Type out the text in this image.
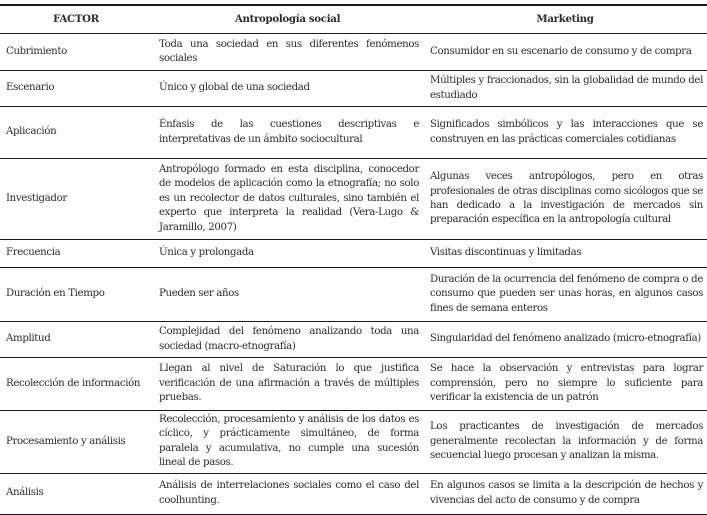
FACTOR	Antropología social	Marketing
Cubrimiento	Toda una sociedad en sus diferentes fenómenos sociales	Consumidor en su escenario de consumo y de compra
Escenario	Único y global de una sociedad	Múltiples y fraccionados, sin la globalidad de mundo del estudiado
Aplicación	Énfasis de las cuestiones descriptivas e interpretativas de un ámbito sociocultural	Significados simbólicos y las interacciones que se construyen en las prácticas comerciales cotidianas
Investigador	Antropólogo formado en esta disciplina, conocedor de modelos de aplicación como la etnografía; no solo es un recolector de datos culturales, sino también el experto que interpreta la realidad (Vera-Lugo & Jaramillo, 2007)	Algunas veces antropólogos, pero en otras profesionales de otras disciplinas como sicólogos que se han dedicado a la investigación de mercados sin preparación específica en la antropología cultural
Frecuencia	Única y prolongada	Visitas discontinuas y limitadas
Duración en Tiempo	Pueden ser años	Duración de la ocurrencia del fenómeno de compra o de consumo que pueden ser unas horas, en algunos casos fines de semana enteros
Amplitud	Complejidad del fenómeno analizando toda una sociedad (macro-etnografía)	Singularidad del fenómeno analizado (micro-etnografía)
Recolección de información	Llegan al nivel de Saturación lo que justifica verificación de una afirmación a través de múltiples pruebas.	Se hace la observación y entrevistas para lograr comprensión, pero no siempre lo suficiente para verificar la existencia de un patrón
Procesamiento y análisis	Recolección, procesamiento y análisis de los datos es cíclico, y prácticamente simultáneo, de forma paralela y acumulativa, no cumple una sucesión lineal de pasos.	Los practicantes de investigación de mercados generalmente recolectan la información y de forma secuencial luego procesan y analizan la misma.
Análisis	Análisis de interrelaciones sociales como el caso del coolhunting.	En algunos casos se limita a la descripción de hechos y vivencias del acto de consumo y de compra
